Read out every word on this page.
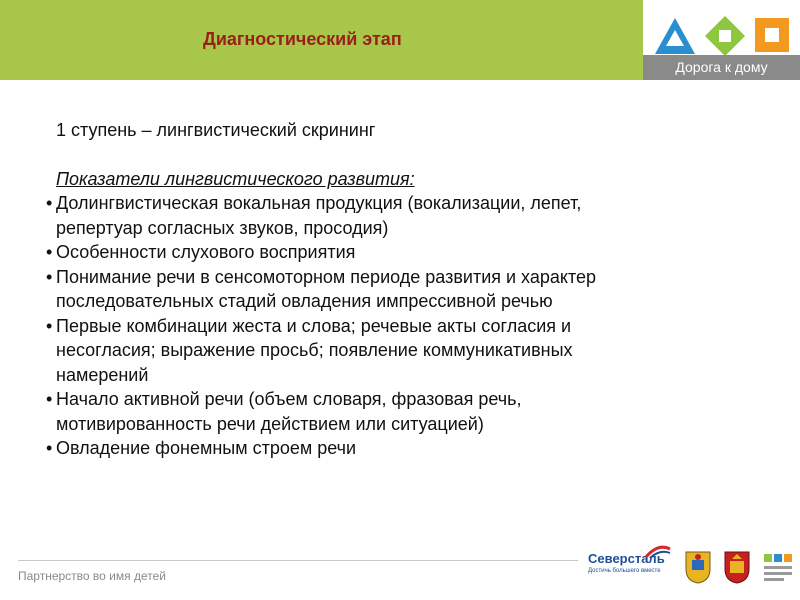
Диагностический этап
Дорога к дому

1 ступень – лингвистический скрининг

Показатели лингвистического развития:

• Долингвистическая вокальная продукция (вокализации, лепет,
репертуар согласных звуков, просодия)
• Особенности слухового восприятия
• Понимание речи в сенсомоторном периоде развития и характер
последовательных стадий овладения импрессивной речью
• Первые комбинации жеста и слова; речевые акты согласия и
несогласия; выражение просьб; появление коммуникативных
намерений
• Начало активной речи (объем словаря, фразовая речь,
мотивированность речи действием или ситуацией)
• Овладение фонемным строем речи
Партнерство во имя детей
Северсталь
Достичь большего вместе
